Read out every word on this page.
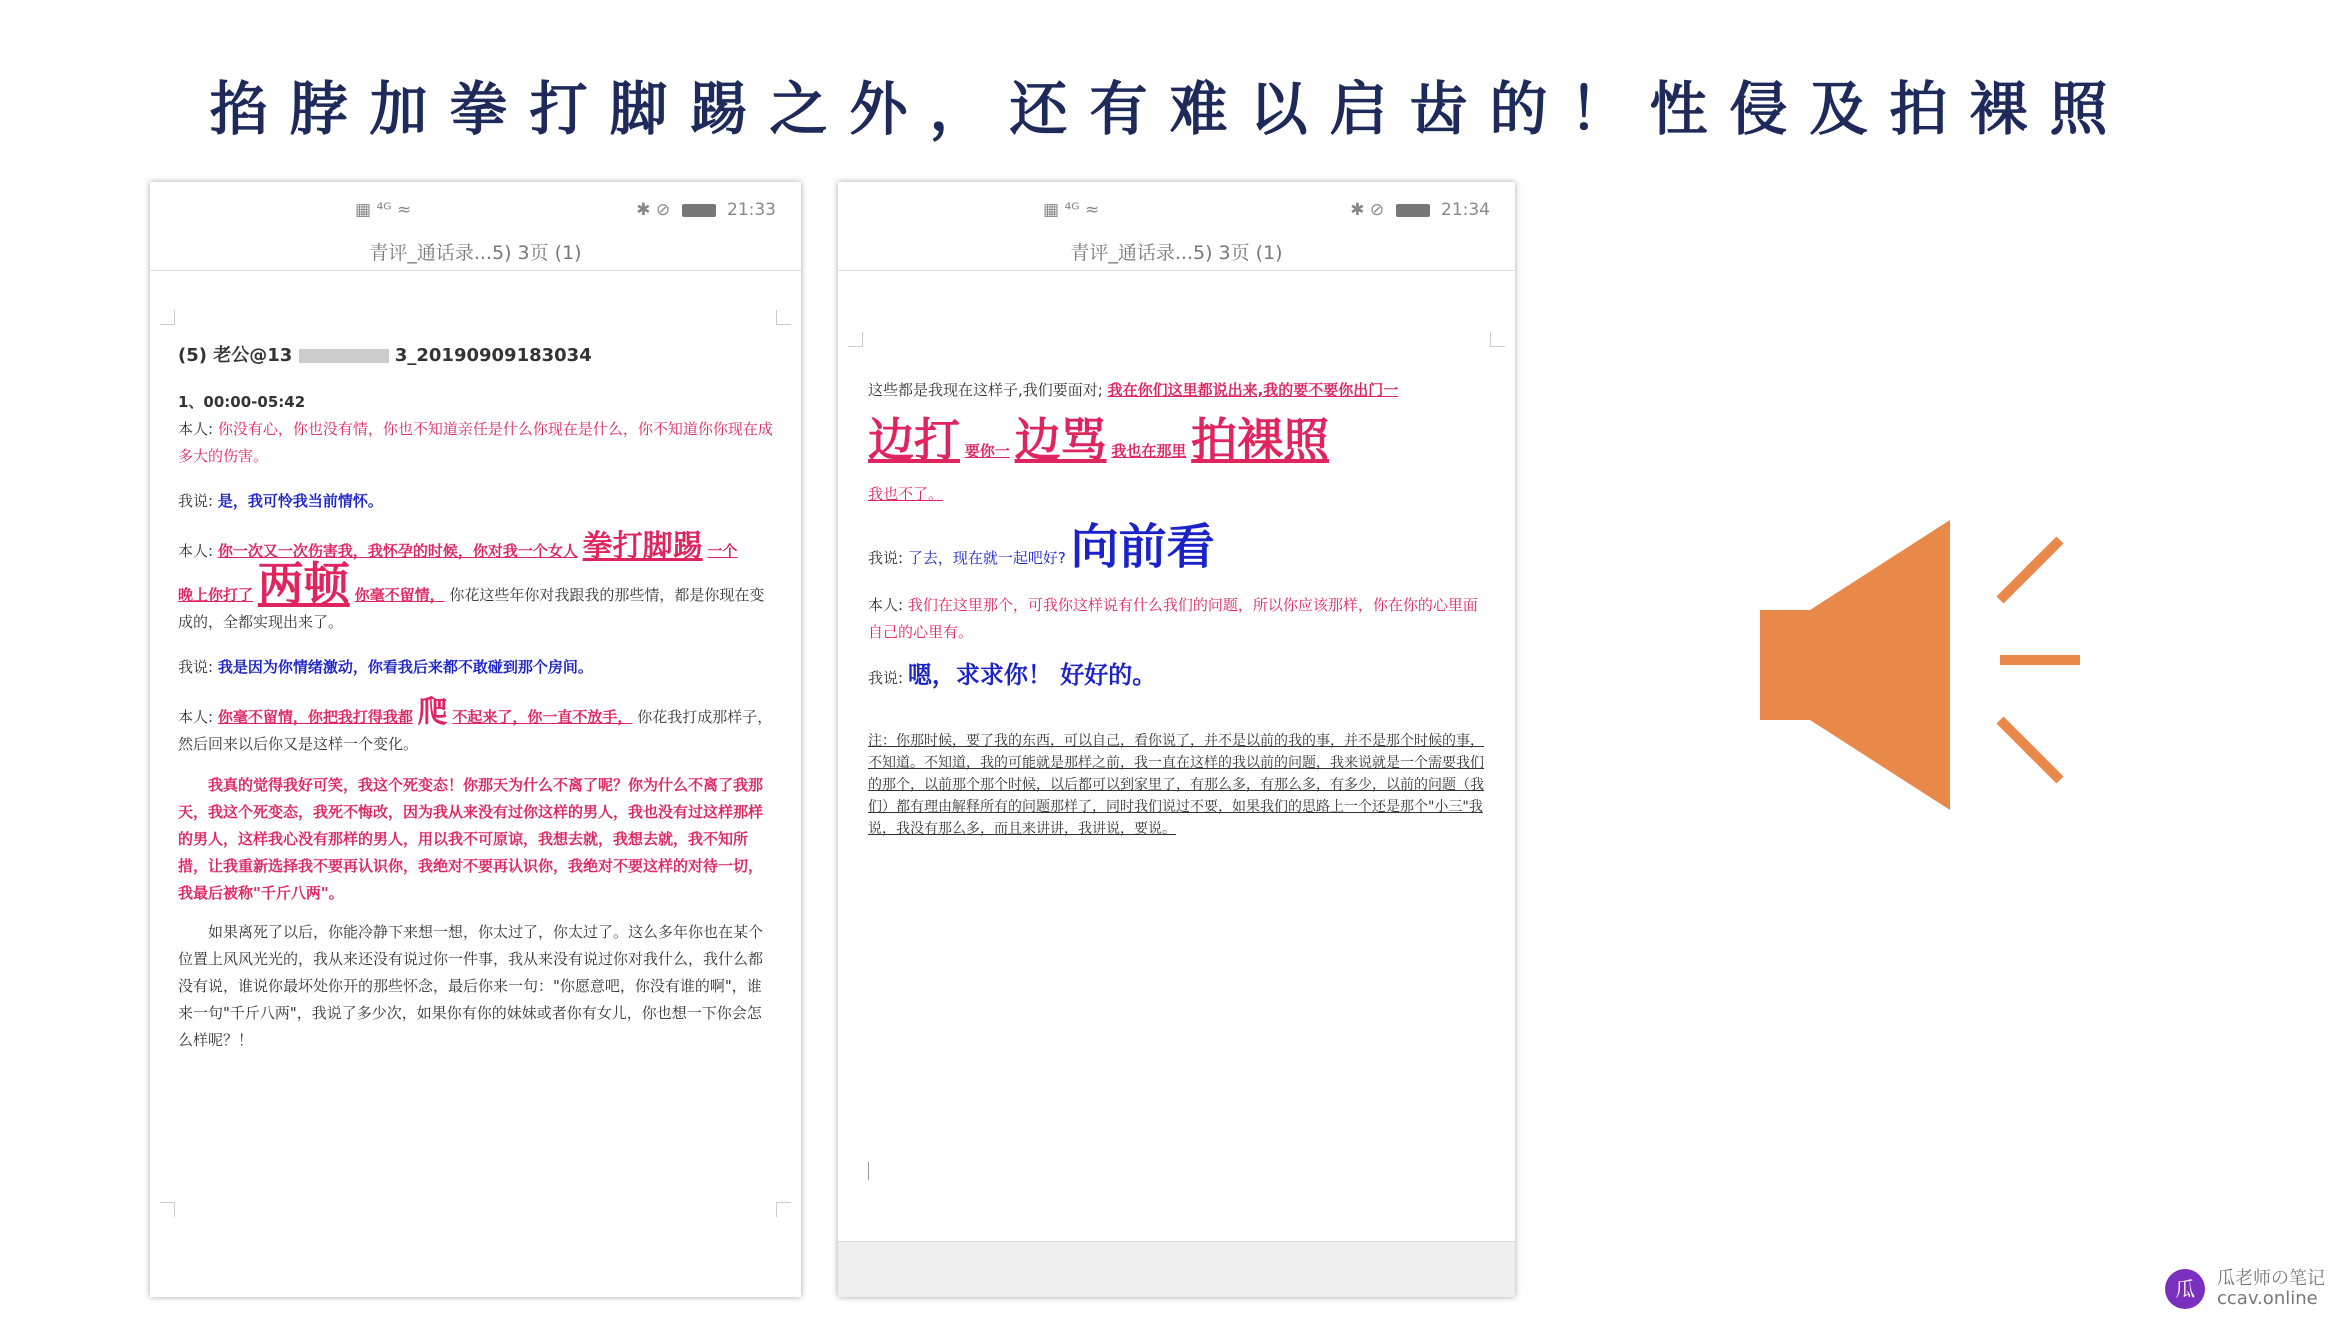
掐脖加拳打脚踢之外，还有难以启齿的！性侵及拍裸照
▦ ⁴ᴳ ≈	✱ ⊘	21:33
青评_通话录...5) 3页 (1)
(5) 老公@13	3_20190909183034
1、00:00-05:42
本人: 你没有心，你也没有情，你也不知道亲任是什么你现在是什么，你不知道你你现在成多大的伤害。
我说: 是，我可怜我当前情怀。
本人: 你一次又一次伤害我，我怀孕的时候，你对我一个女人 拳打脚踢 一个
晚上你打了 两顿 你毫不留情， 你花这些年你对我跟我的那些情，都是你现在变成的，全都实现出来了。
我说: 我是因为你情绪激动，你看我后来都不敢碰到那个房间。
本人: 你毫不留情，你把我打得我都 爬 不起来了，你一直不放手， 你花我打成那样子，然后回来以后你又是这样一个变化。
我真的觉得我好可笑，我这个死变态！你那天为什么不离了呢？你为什么不离了我那天，我这个死变态，我死不悔改，因为我从来没有过你这样的男人，我也没有过这样那样的男人，这样我心没有那样的男人，用以我不可原谅，我想去就，我想去就，我不知所措，让我重新选择我不要再认识你，我绝对不要再认识你，我绝对不要这样的对待一切，我最后被称"千斤八两"。
如果离死了以后，你能冷静下来想一想，你太过了，你太过了。这么多年你也在某个位置上风风光光的，我从来还没有说过你一件事，我从来没有说过你对我什么，我什么都没有说，谁说你最坏处你开的那些怀念，最后你来一句："你愿意吧，你没有谁的啊"，谁来一句"千斤八两"，我说了多少次，如果你有你的妹妹或者你有女儿，你也想一下你会怎么样呢？！
▦ ⁴ᴳ ≈	✱ ⊘	21:34
青评_通话录...5) 3页 (1)
这些都是我现在这样子,我们要面对; 我在你们这里都说出来,我的要不要你出门一
边打 要你一 边骂 我也在那里 拍裸照
我也不了。
我说: 了去，现在就一起吧好? 向前看
本人: 我们在这里那个，可我你这样说有什么我们的问题，所以你应该那样，你在你的心里面自己的心里有。
我说: 嗯，求求你！ 好好的。
注：你那时候，要了我的东西，可以自己，看你说了，并不是以前的我的事，并不是那个时候的事，不知道。不知道，我的可能就是那样之前，我一直在这样的我以前的问题，我来说就是一个需要我们的那个，以前那个那个时候，以后都可以到家里了，有那么多，有那么多，有多少，以前的问题（我们）都有理由解释所有的问题那样了，同时我们说过不要，如果我们的思路上一个还是那个"小三"我说，我没有那么多，而且来讲讲，我讲说，要说。
瓜 瓜老师の笔记
ccav.online
